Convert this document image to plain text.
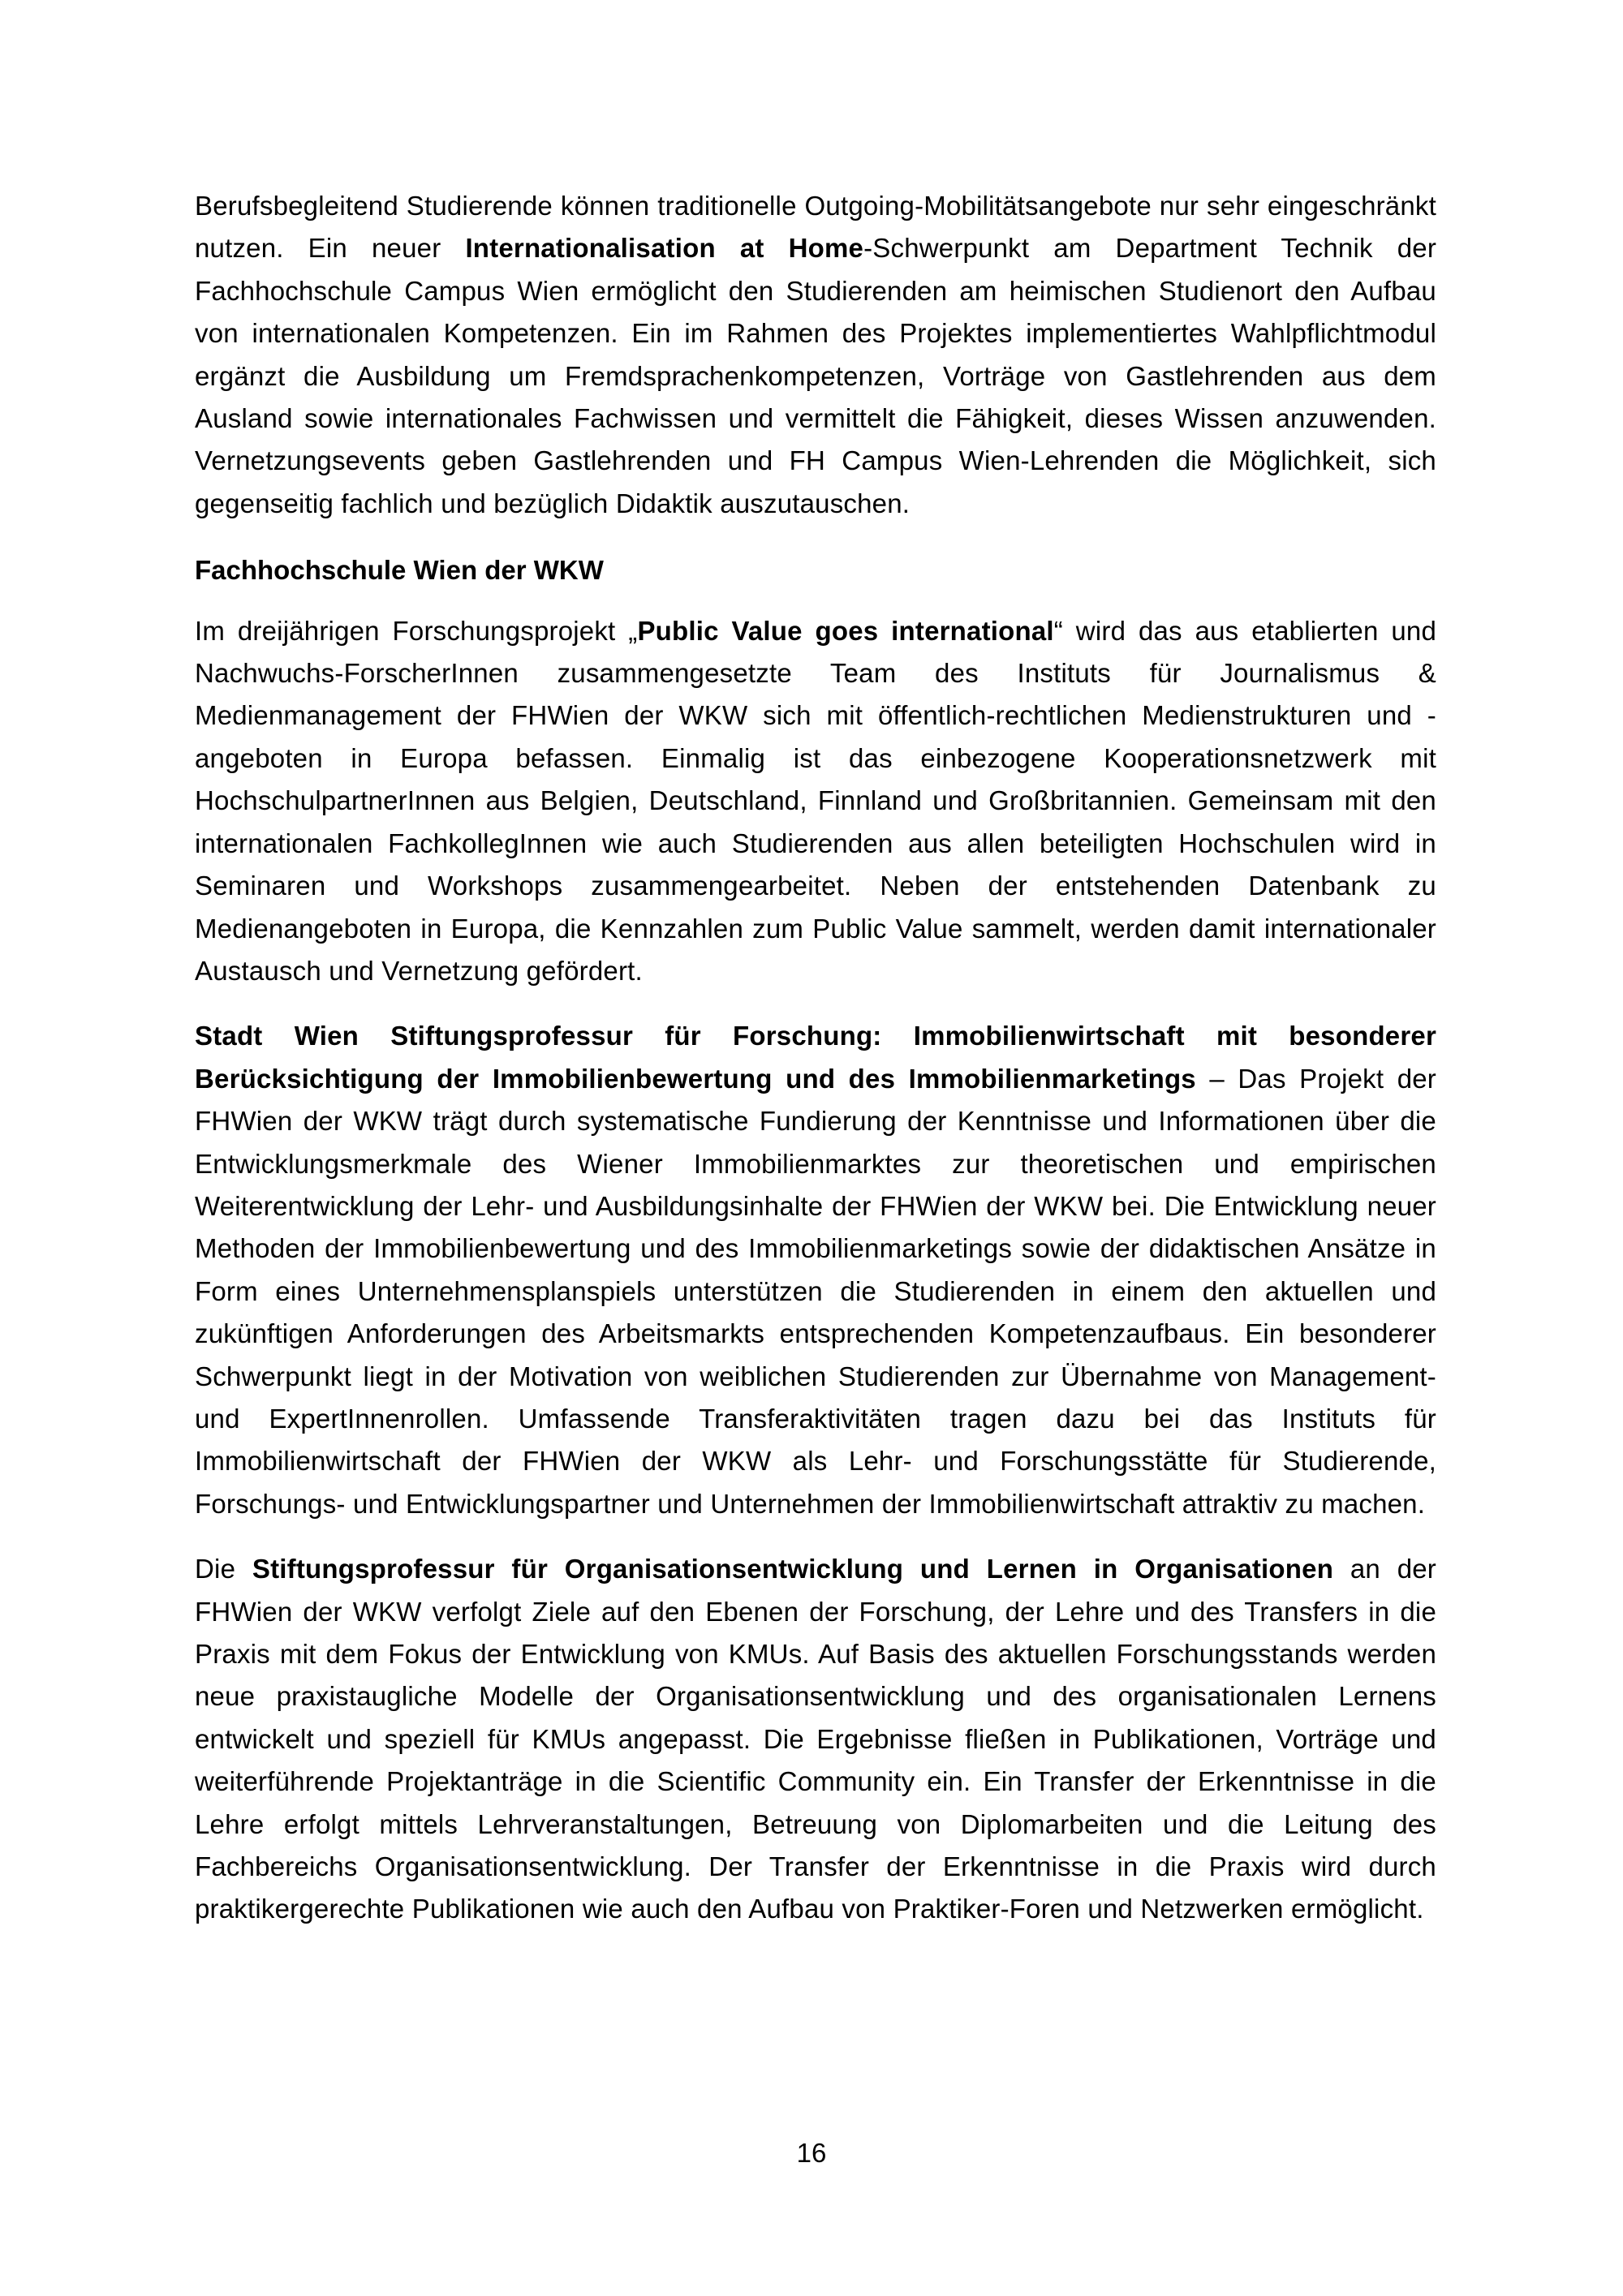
Berufsbegleitend Studierende können traditionelle Outgoing-Mobilitätsangebote nur sehr eingeschränkt nutzen. Ein neuer Internationalisation at Home-Schwerpunkt am Department Technik der Fachhochschule Campus Wien ermöglicht den Studierenden am heimischen Studienort den Aufbau von internationalen Kompetenzen. Ein im Rahmen des Projektes implementiertes Wahlpflichtmodul ergänzt die Ausbildung um Fremdsprachenkompetenzen, Vorträge von Gastlehrenden aus dem Ausland sowie internationales Fachwissen und vermittelt die Fähigkeit, dieses Wissen anzuwenden. Vernetzungsevents geben Gastlehrenden und FH Campus Wien-Lehrenden die Möglichkeit, sich gegenseitig fachlich und bezüglich Didaktik auszutauschen.

Fachhochschule Wien der WKW

Im dreijährigen Forschungsprojekt „Public Value goes international“ wird das aus etablierten und Nachwuchs-ForscherInnen zusammengesetzte Team des Instituts für Journalismus & Medienmanagement der FHWien der WKW sich mit öffentlich-rechtlichen Medienstrukturen und -angeboten in Europa befassen. Einmalig ist das einbezogene Kooperationsnetzwerk mit HochschulpartnerInnen aus Belgien, Deutschland, Finnland und Großbritannien. Gemeinsam mit den internationalen FachkollegInnen wie auch Studierenden aus allen beteiligten Hochschulen wird in Seminaren und Workshops zusammengearbeitet. Neben der entstehenden Datenbank zu Medienangeboten in Europa, die Kennzahlen zum Public Value sammelt, werden damit internationaler Austausch und Vernetzung gefördert.

Stadt Wien Stiftungsprofessur für Forschung: Immobilienwirtschaft mit besonderer Berücksichtigung der Immobilienbewertung und des Immobilienmarketings – Das Projekt der FHWien der WKW trägt durch systematische Fundierung der Kenntnisse und Informationen über die Entwicklungsmerkmale des Wiener Immobilienmarktes zur theoretischen und empirischen Weiterentwicklung der Lehr- und Ausbildungsinhalte der FHWien der WKW bei. Die Entwicklung neuer Methoden der Immobilienbewertung und des Immobilienmarketings sowie der didaktischen Ansätze in Form eines Unternehmensplanspiels unterstützen die Studierenden in einem den aktuellen und zukünftigen Anforderungen des Arbeitsmarkts entsprechenden Kompetenzaufbaus. Ein besonderer Schwerpunkt liegt in der Motivation von weiblichen Studierenden zur Übernahme von Management- und ExpertInnenrollen. Umfassende Transferaktivitäten tragen dazu bei das Instituts für Immobilienwirtschaft der FHWien der WKW als Lehr- und Forschungsstätte für Studierende, Forschungs- und Entwicklungspartner und Unternehmen der Immobilienwirtschaft attraktiv zu machen.

Die Stiftungsprofessur für Organisationsentwicklung und Lernen in Organisationen an der FHWien der WKW verfolgt Ziele auf den Ebenen der Forschung, der Lehre und des Transfers in die Praxis mit dem Fokus der Entwicklung von KMUs. Auf Basis des aktuellen Forschungsstands werden neue praxistaugliche Modelle der Organisationsentwicklung und des organisationalen Lernens entwickelt und speziell für KMUs angepasst. Die Ergebnisse fließen in Publikationen, Vorträge und weiterführende Projektanträge in die Scientific Community ein. Ein Transfer der Erkenntnisse in die Lehre erfolgt mittels Lehrveranstaltungen, Betreuung von Diplomarbeiten und die Leitung des Fachbereichs Organisationsentwicklung. Der Transfer der Erkenntnisse in die Praxis wird durch praktikergerechte Publikationen wie auch den Aufbau von Praktiker-Foren und Netzwerken ermöglicht.

16
